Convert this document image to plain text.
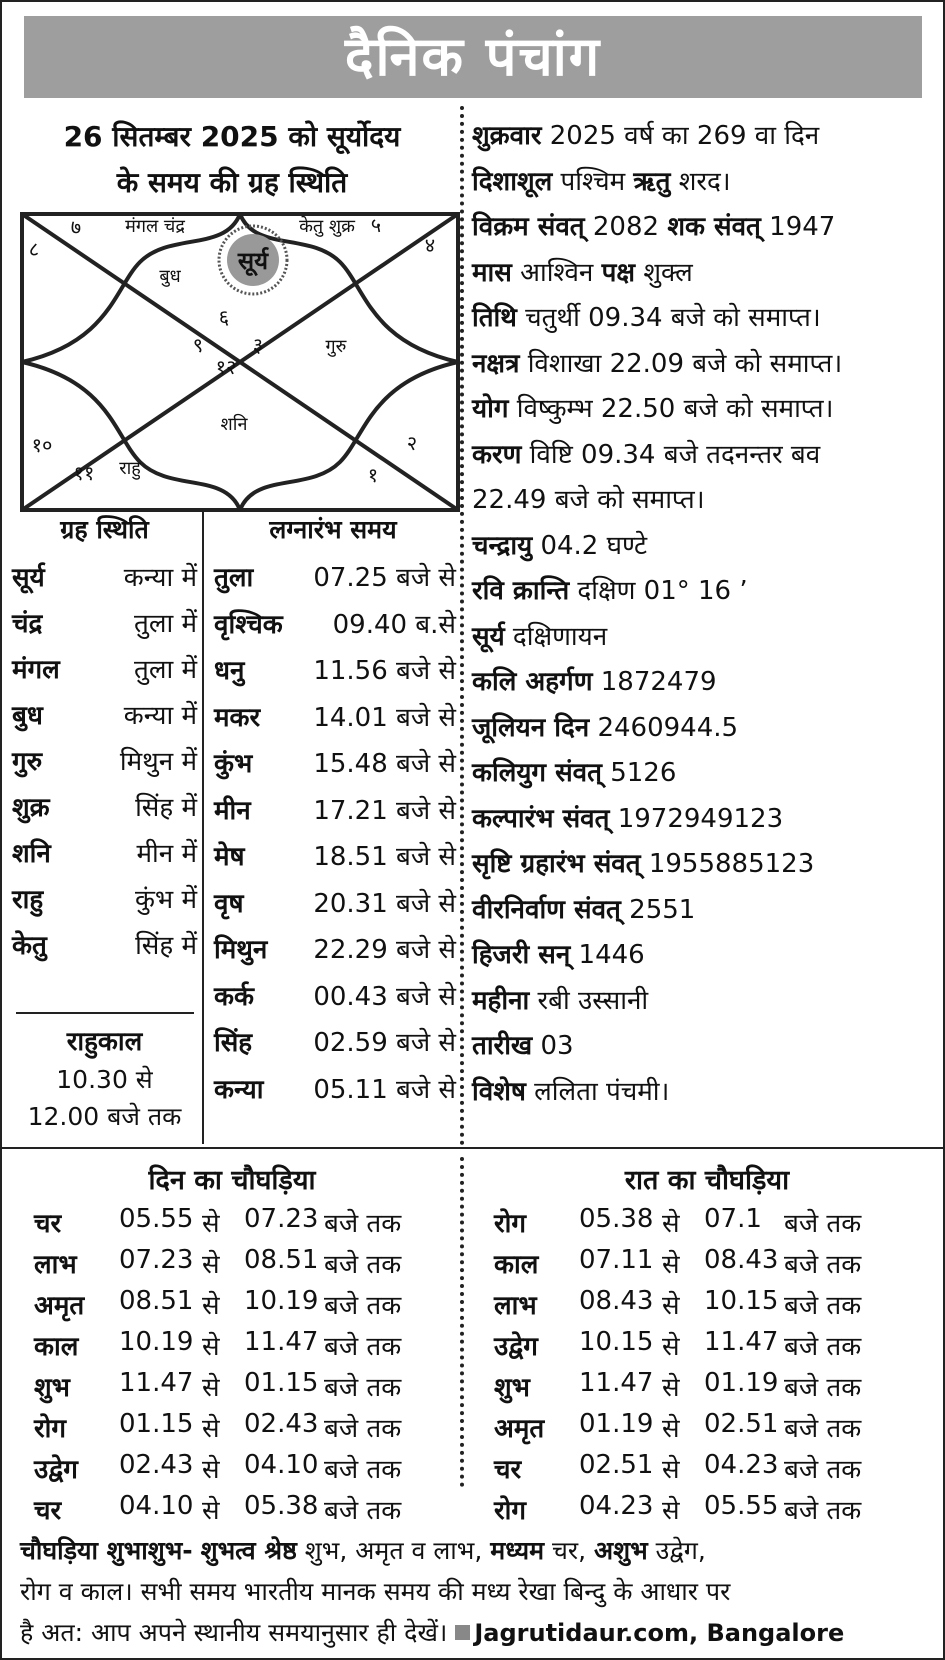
दैनिक पंचांग
26 सितम्बर 2025 को सूर्योदय
के समय की ग्रह स्थिति
६
७
८
९
१०
११
१२
१
२
३
४
५
मंगल चंद्र	केतु शुक्र
बुध
सूर्य
गुरु
शनि
राहु
शुक्रवार 2025 वर्ष का 269 वा दिन
दिशाशूल पश्चिम ऋतु शरद।
विक्रम संवत् 2082 शक संवत् 1947
मास आश्विन पक्ष शुक्ल
तिथि चतुर्थी 09.34 बजे को समाप्त।
नक्षत्र विशाखा 22.09 बजे को समाप्त।
योग विष्कुम्भ 22.50 बजे को समाप्त।
करण विष्टि 09.34 बजे तदनन्तर बव
22.49 बजे को समाप्त।
चन्द्रायु 04.2 घण्टे
रवि क्रान्ति दक्षिण 01° 16 ’
सूर्य दक्षिणायन
कलि अहर्गण 1872479
जूलियन दिन 2460944.5
कलियुग संवत् 5126
कल्पारंभ संवत् 1972949123
सृष्टि ग्रहारंभ संवत् 1955885123
वीरनिर्वाण संवत् 2551
हिजरी सन् 1446
महीना रबी उस्सानी
तारीख 03
विशेष ललिता पंचमी।
ग्रह स्थिति	लग्नारंभ समय
सूर्य	कन्या में
चंद्र	तुला में
मंगल	तुला में
बुध	कन्या में
गुरु	मिथुन में
शुक्र	सिंह में
शनि	मीन में
राहु	कुंभ में
केतु	सिंह में
तुला 07.25 बजे से
वृश्चिक 09.40 ब.से
धनु	11.56 बजे से
मकर 14.01 बजे से
कुंभ 15.48 बजे से
मीन 17.21 बजे से
मेष	18.51 बजे से
वृष	20.31 बजे से
मिथुन 22.29 बजे से
कर्क 00.43 बजे से
सिंह 02.59 बजे से
कन्या 05.11 बजे से
राहुकाल
10.30 से
12.00 बजे तक
दिन का चौघड़िया	रात का चौघड़िया
चर 05.55 से 07.23 बजे तक
लाभ 07.23 से 08.51 बजे तक
अमृत 08.51 से 10.19 बजे तक
काल 10.19 से 11.47 बजे तक
शुभ 11.47 से 01.15 बजे तक
रोग 01.15 से 02.43 बजे तक
उद्वेग 02.43 से 04.10 बजे तक
चर 04.10 से 05.38 बजे तक
रोग 05.38 से 07.1 बजे तक
काल 07.11 से 08.43 बजे तक
लाभ 08.43 से 10.15 बजे तक
उद्वेग 10.15 से 11.47 बजे तक
शुभ 11.47 से 01.19 बजे तक
अमृत 01.19 से 02.51 बजे तक
चर 02.51 से 04.23 बजे तक
रोग 04.23 से 05.55 बजे तक
चौघड़िया शुभाशुभ- शुभत्व श्रेष्ठ शुभ, अमृत व लाभ, मध्यम चर, अशुभ उद्वेग,
रोग व काल। सभी समय भारतीय मानक समय की मध्य रेखा बिन्दु के आधार पर
है अत: आप अपने स्थानीय समयानुसार ही देखें। Jagrutidaur.com, Bangalore
